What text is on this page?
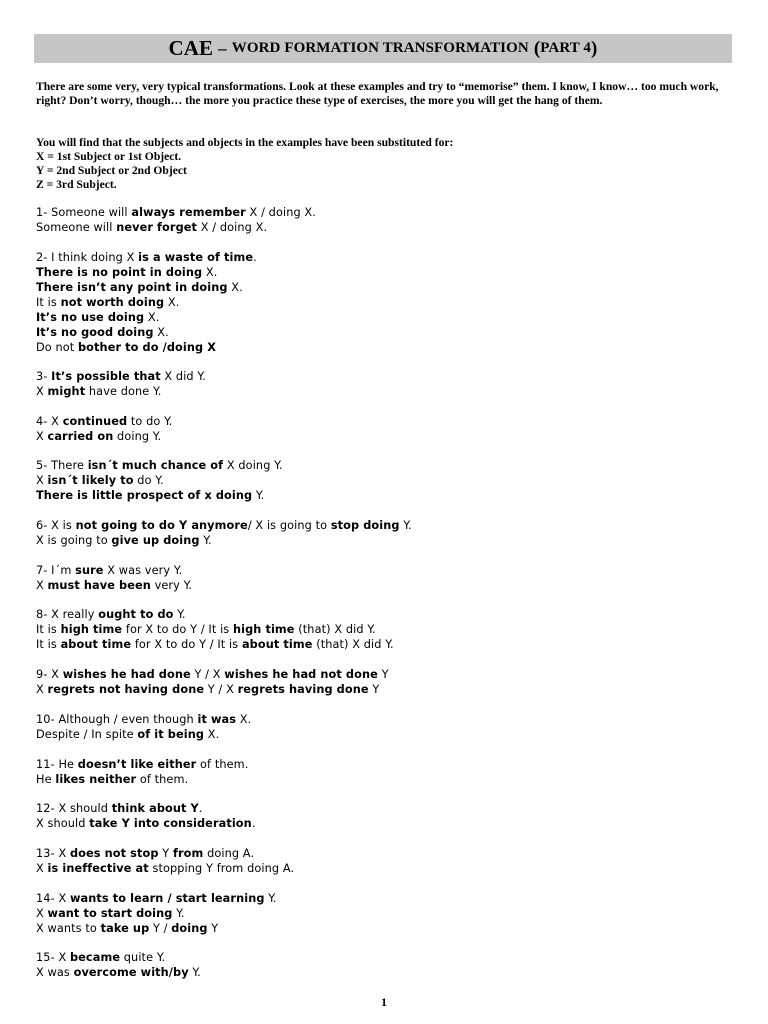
CAE – WORD FORMATION TRANSFORMATION ( PART 4 )
There are some very, very typical transformations. Look at these examples and try to “memorise” them. I know, I know… too much work, right? Don’t worry, though… the more you practice these type of exercises, the more you will get the hang of them.
You will find that the subjects and objects in the examples have been substituted for:
X = 1st Subject or 1st Object.
Y = 2nd Subject or 2nd Object
Z = 3rd Subject.
1- Someone will always remember X / doing X.
Someone will never forget X / doing X.
2- I think doing X is a waste of time.
There is no point in doing X.
There isn’t any point in doing X.
It is not worth doing X.
It’s no use doing X.
It’s no good doing X.
Do not bother to do /doing X
3- It’s possible that X did Y.
X might have done Y.
4- X continued to do Y.
X carried on doing Y.
5- There isn´t much chance of X doing Y.
X isn´t likely to do Y.
There is little prospect of x doing Y.
6- X is not going to do Y anymore/ X is going to stop doing Y.
X is going to give up doing Y.
7- I´m sure X was very Y.
X must have been very Y.
8- X really ought to do Y.
It is high time for X to do Y / It is high time (that) X did Y.
It is about time for X to do Y / It is about time (that) X did Y.
9- X wishes he had done Y / X wishes he had not done Y
X regrets not having done Y / X regrets having done Y
10- Although / even though it was X.
Despite / In spite of it being X.
11- He doesn’t like either of them.
He likes neither of them.
12- X should think about Y.
X should take Y into consideration.
13- X does not stop Y from doing A.
X is ineffective at stopping Y from doing A.
14- X wants to learn / start learning Y.
X want to start doing Y.
X wants to take up Y / doing Y
15- X became quite Y.
X was overcome with/by Y.
1
